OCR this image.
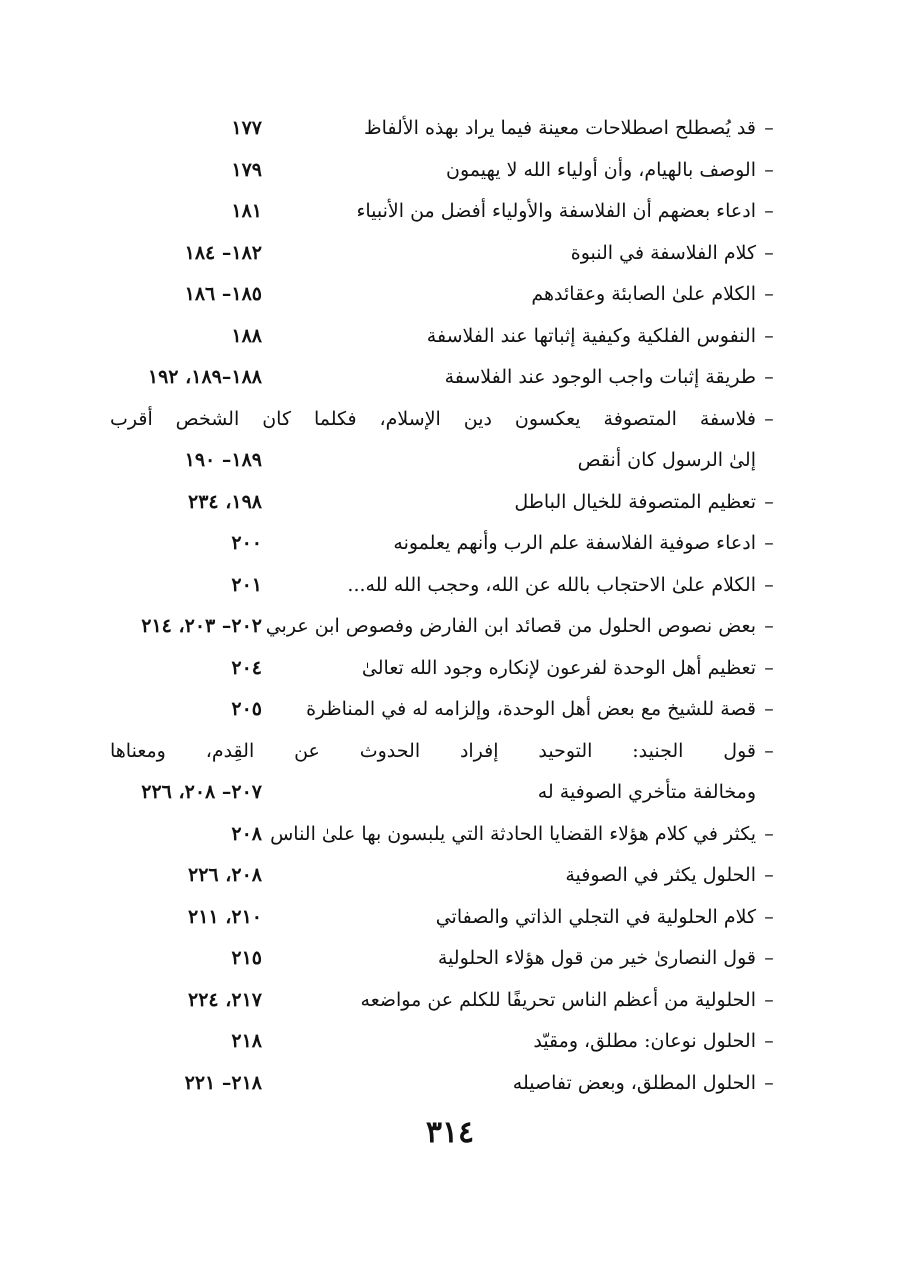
–
قد يُصطلح اصطلاحات معينة فيما يراد بهذه الألفاظ
١٧٧
–
الوصف بالهيام، وأن أولياء الله لا يهيمون
١٧٩
–
ادعاء بعضهم أن الفلاسفة والأولياء أفضل من الأنبياء
١٨١
–
كلام الفلاسفة في النبوة
١٨٢– ١٨٤
–
الكلام علىٰ الصابئة وعقائدهم
١٨٥– ١٨٦
–
النفوس الفلكية وكيفية إثباتها عند الفلاسفة
١٨٨
–
طريقة إثبات واجب الوجود عند الفلاسفة
١٨٨–١٨٩، ١٩٢
–
فلاسفة المتصوفة يعكسون دين الإسلام، فكلما كان الشخص أقرب
إلىٰ الرسول كان أنقص
١٨٩– ١٩٠
–
تعظيم المتصوفة للخيال الباطل
١٩٨، ٢٣٤
–
ادعاء صوفية الفلاسفة علم الرب وأنهم يعلمونه
٢٠٠
–
الكلام علىٰ الاحتجاب بالله عن الله، وحجب الله لله...
٢٠١
–
بعض نصوص الحلول من قصائد ابن الفارض وفصوص ابن عربي
٢٠٢– ٢٠٣، ٢١٤
–
تعظيم أهل الوحدة لفرعون لإنكاره وجود الله تعالىٰ
٢٠٤
–
قصة للشيخ مع بعض أهل الوحدة، وإلزامه له في المناظرة
٢٠٥
–
قول الجنيد: التوحيد إفراد الحدوث عن القِدم، ومعناها
ومخالفة متأخري الصوفية له
٢٠٧– ٢٠٨، ٢٢٦
–
يكثر في كلام هؤلاء القضايا الحادثة التي يلبسون بها علىٰ الناس
٢٠٨
–
الحلول يكثر في الصوفية
٢٠٨، ٢٢٦
–
كلام الحلولية في التجلي الذاتي والصفاتي
٢١٠، ٢١١
–
قول النصارىٰ خير من قول هؤلاء الحلولية
٢١٥
–
الحلولية من أعظم الناس تحريفًا للكلم عن مواضعه
٢١٧، ٢٢٤
–
الحلول نوعان: مطلق، ومقيّد
٢١٨
–
الحلول المطلق، وبعض تفاصيله
٢١٨– ٢٢١
٣١٤
